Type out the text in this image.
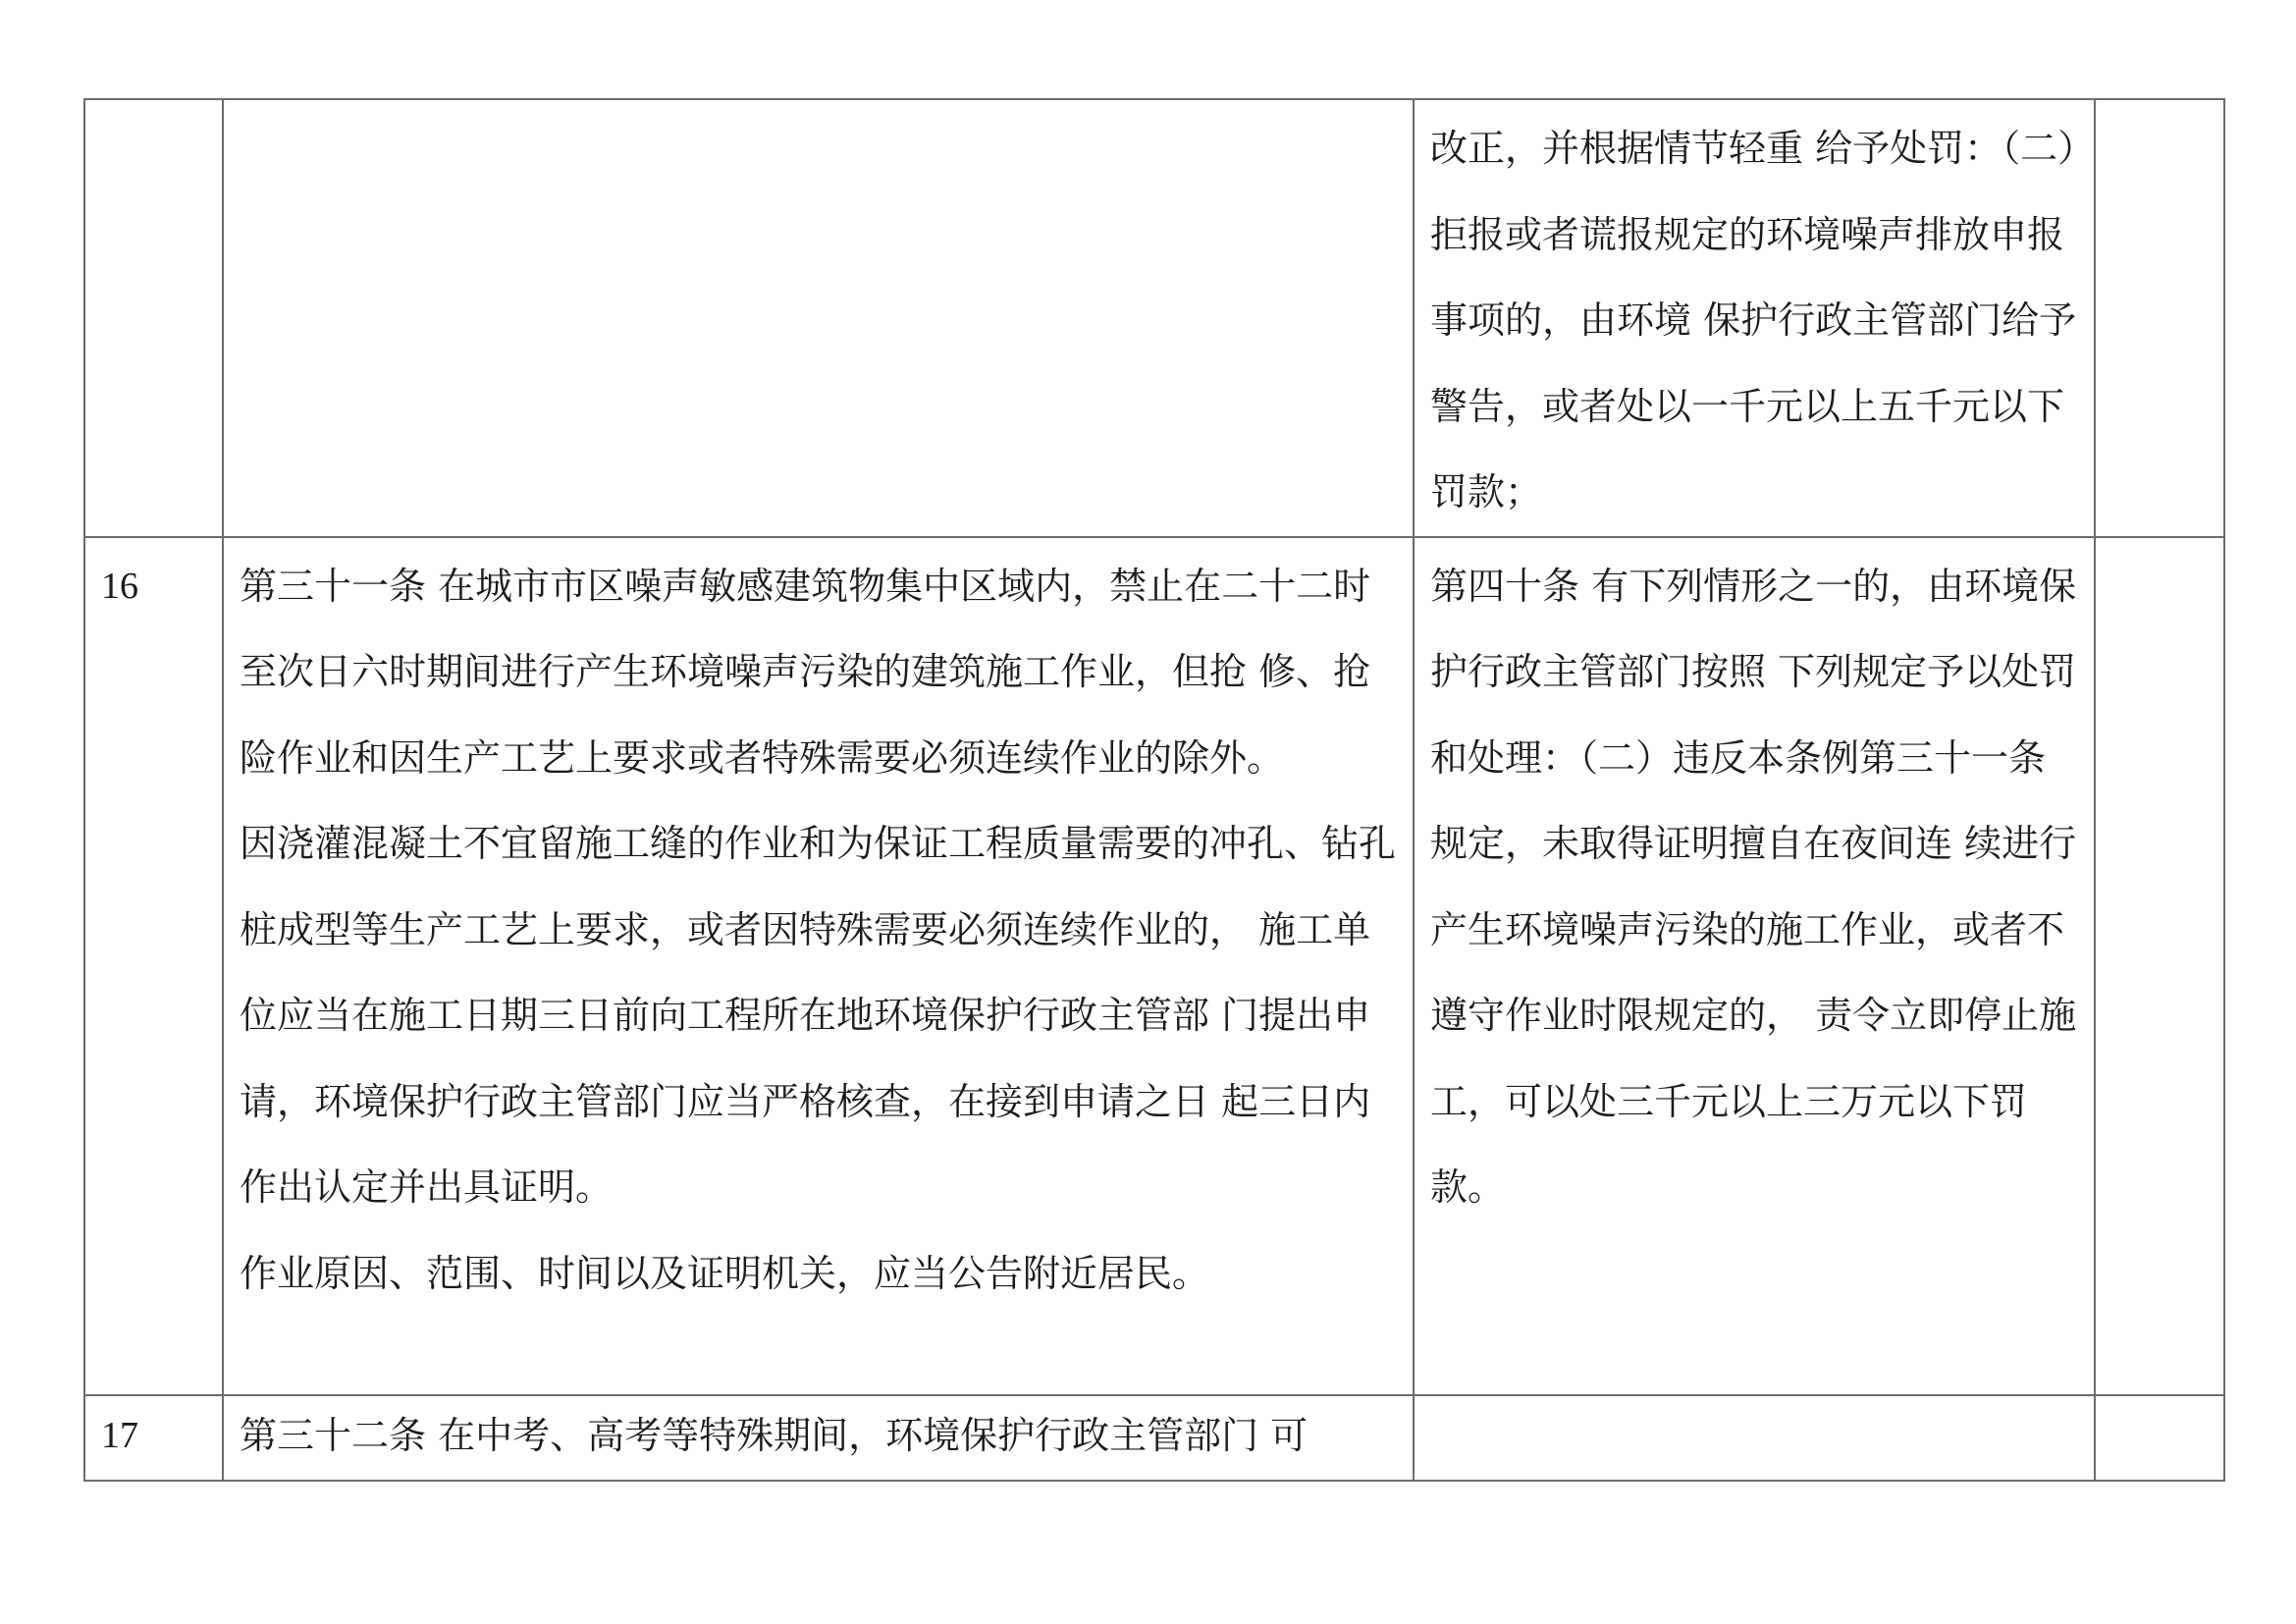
		改正，并根据情节轻重 给予处罚：（二）拒报或者谎报规定的环境噪声排放申报事项的，由环境 保护行政主管部门给予警告，或者处以一千元以上五千元以下罚款；	

16	第三十一条 在城市市区噪声敏感建筑物集中区域内，禁止在二十二时至次日六时期间进行产生环境噪声污染的建筑施工作业，但抢 修、抢险作业和因生产工艺上要求或者特殊需要必须连续作业的除外。
因浇灌混凝土不宜留施工缝的作业和为保证工程质量需要的冲孔、钻孔桩成型等生产工艺上要求，或者因特殊需要必须连续作业的， 施工单位应当在施工日期三日前向工程所在地环境保护行政主管部 门提出申请，环境保护行政主管部门应当严格核查，在接到申请之日 起三日内作出认定并出具证明。
作业原因、范围、时间以及证明机关，应当公告附近居民。	第四十条 有下列情形之一的，由环境保护行政主管部门按照 下列规定予以处罚和处理：（二）违反本条例第三十一条规定，未取得证明擅自在夜间连 续进行产生环境噪声污染的施工作业，或者不遵守作业时限规定的， 责令立即停止施工，可以处三千元以上三万元以下罚款。	

17	第三十二条 在中考、高考等特殊期间，环境保护行政主管部门 可		
